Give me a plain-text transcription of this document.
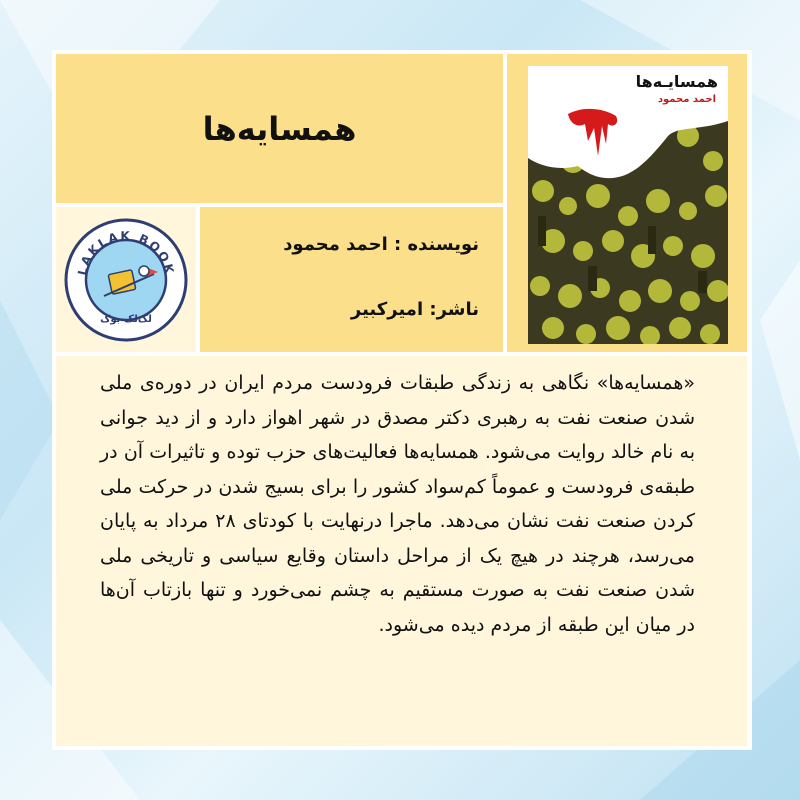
همسایه‌ها
همسایـه‌ها
احمد محمود
LAKLAK BOOK
لک‌لک بوک
نویسنده : احمد محمود
ناشر: امیرکبیر
«همسایه‌ها» نگاهی به زندگی طبقات فرودست مردم ایران در دوره‌ی ملی شدن صنعت نفت به رهبری دکتر مصدق در شهر اهواز دارد و از دید جوانی به نام خالد روایت می‌شود. همسایه‌ها فعالیت‌های حزب توده و تاثیرات آن در طبقه‌ی فرودست و عموماً کم‌سواد کشور را برای بسیج شدن در حرکت ملی کردن صنعت نفت نشان می‌دهد. ماجرا درنهایت با کودتای ۲۸ مرداد به پایان می‌رسد، هرچند در هیچ یک از مراحل داستان وقایع سیاسی و تاریخی ملی شدن صنعت نفت به صورت مستقیم به چشم نمی‌خورد و تنها بازتاب آن‌ها در میان این طبقه از مردم دیده می‌شود.
